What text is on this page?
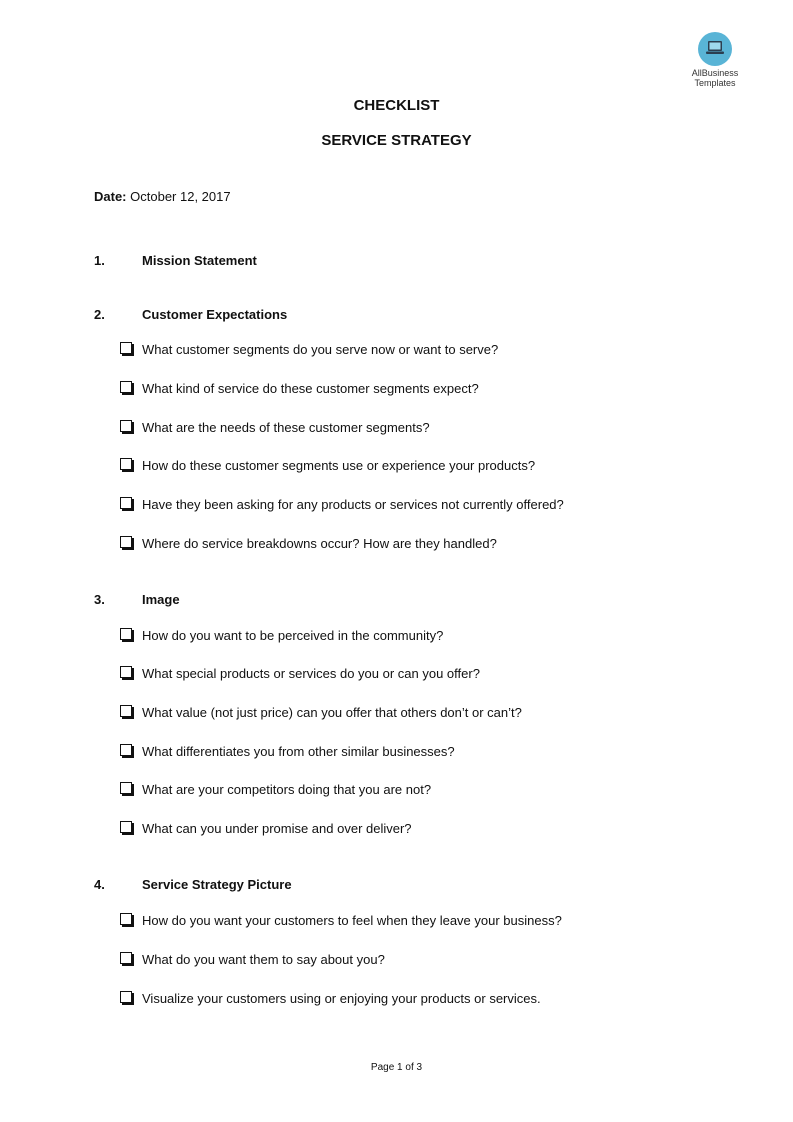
AllBusiness
Templates
CHECKLIST
SERVICE STRATEGY
Date: October 12, 2017
1.	Mission Statement
2.	Customer Expectations
What customer segments do you serve now or want to serve?
What kind of service do these customer segments expect?
What are the needs of these customer segments?
How do these customer segments use or experience your products?
Have they been asking for any products or services not currently offered?
Where do service breakdowns occur? How are they handled?
3.	Image
How do you want to be perceived in the community?
What special products or services do you or can you offer?
What value (not just price) can you offer that others don’t or can’t?
What differentiates you from other similar businesses?
What are your competitors doing that you are not?
What can you under promise and over deliver?
4.	Service Strategy Picture
How do you want your customers to feel when they leave your business?
What do you want them to say about you?
Visualize your customers using or enjoying your products or services.
Page 1 of 3
